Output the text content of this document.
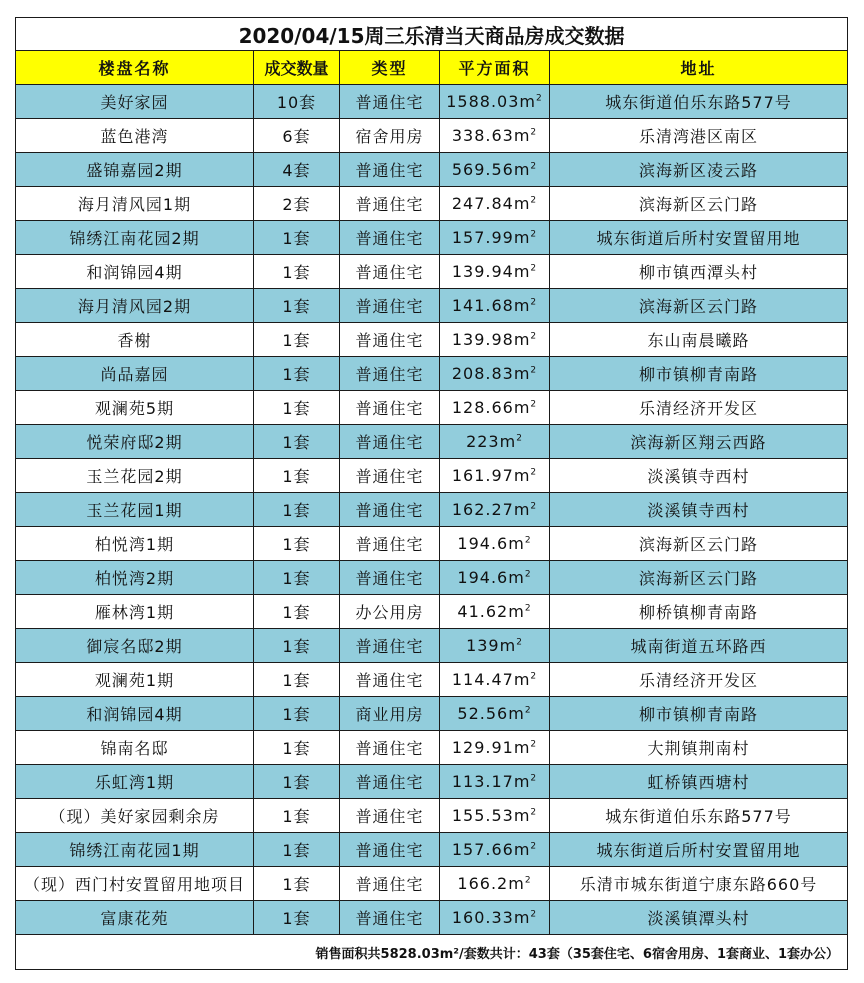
2020/04/15周三乐清当天商品房成交数据				
楼盘名称	成交数量	类型	平方面积	地址
美好家园	10套	普通住宅	$1588.03m^2$	城东街道伯乐东路577号
蓝色港湾	6套	宿舍用房	$338.63m^2$	乐清湾港区南区
盛锦嘉园2期	4套	普通住宅	$569.56m^2$	滨海新区凌云路
海月清风园1期	2套	普通住宅	$247.84m^2$	滨海新区云门路
锦绣江南花园2期	1套	普通住宅	$157.99m^2$	城东街道后所村安置留用地
和润锦园4期	1套	普通住宅	$139.94m^2$	柳市镇西潭头村
海月清风园2期	1套	普通住宅	$141.68m^2$	滨海新区云门路
香榭	1套	普通住宅	$139.98m^2$	东山南晨曦路
尚品嘉园	1套	普通住宅	$208.83m^2$	柳市镇柳青南路
观澜苑5期	1套	普通住宅	$128.66m^2$	乐清经济开发区
悦荣府邸2期	1套	普通住宅	$223m^2$	滨海新区翔云西路
玉兰花园2期	1套	普通住宅	$161.97m^2$	淡溪镇寺西村
玉兰花园1期	1套	普通住宅	$162.27m^2$	淡溪镇寺西村
柏悦湾1期	1套	普通住宅	$194.6m^2$	滨海新区云门路
柏悦湾2期	1套	普通住宅	$194.6m^2$	滨海新区云门路
雁林湾1期	1套	办公用房	$41.62m^2$	柳桥镇柳青南路
御宸名邸2期	1套	普通住宅	$139m^2$	城南街道五环路西
观澜苑1期	1套	普通住宅	$114.47m^2$	乐清经济开发区
和润锦园4期	1套	商业用房	$52.56m^2$	柳市镇柳青南路
锦南名邸	1套	普通住宅	$129.91m^2$	大荆镇荆南村
乐虹湾1期	1套	普通住宅	$113.17m^2$	虹桥镇西塘村
（现）美好家园剩余房	1套	普通住宅	$155.53m^2$	城东街道伯乐东路577号
锦绣江南花园1期	1套	普通住宅	$157.66m^2$	城东街道后所村安置留用地
（现）西门村安置留用地项目	1套	普通住宅	$166.2m^2$	乐清市城东街道宁康东路660号
富康花苑	1套	普通住宅	$160.33m^2$	淡溪镇潭头村
销售面积共5828.03m²/套数共计：43套（35套住宅、6宿舍用房、1套商业、1套办公）				
